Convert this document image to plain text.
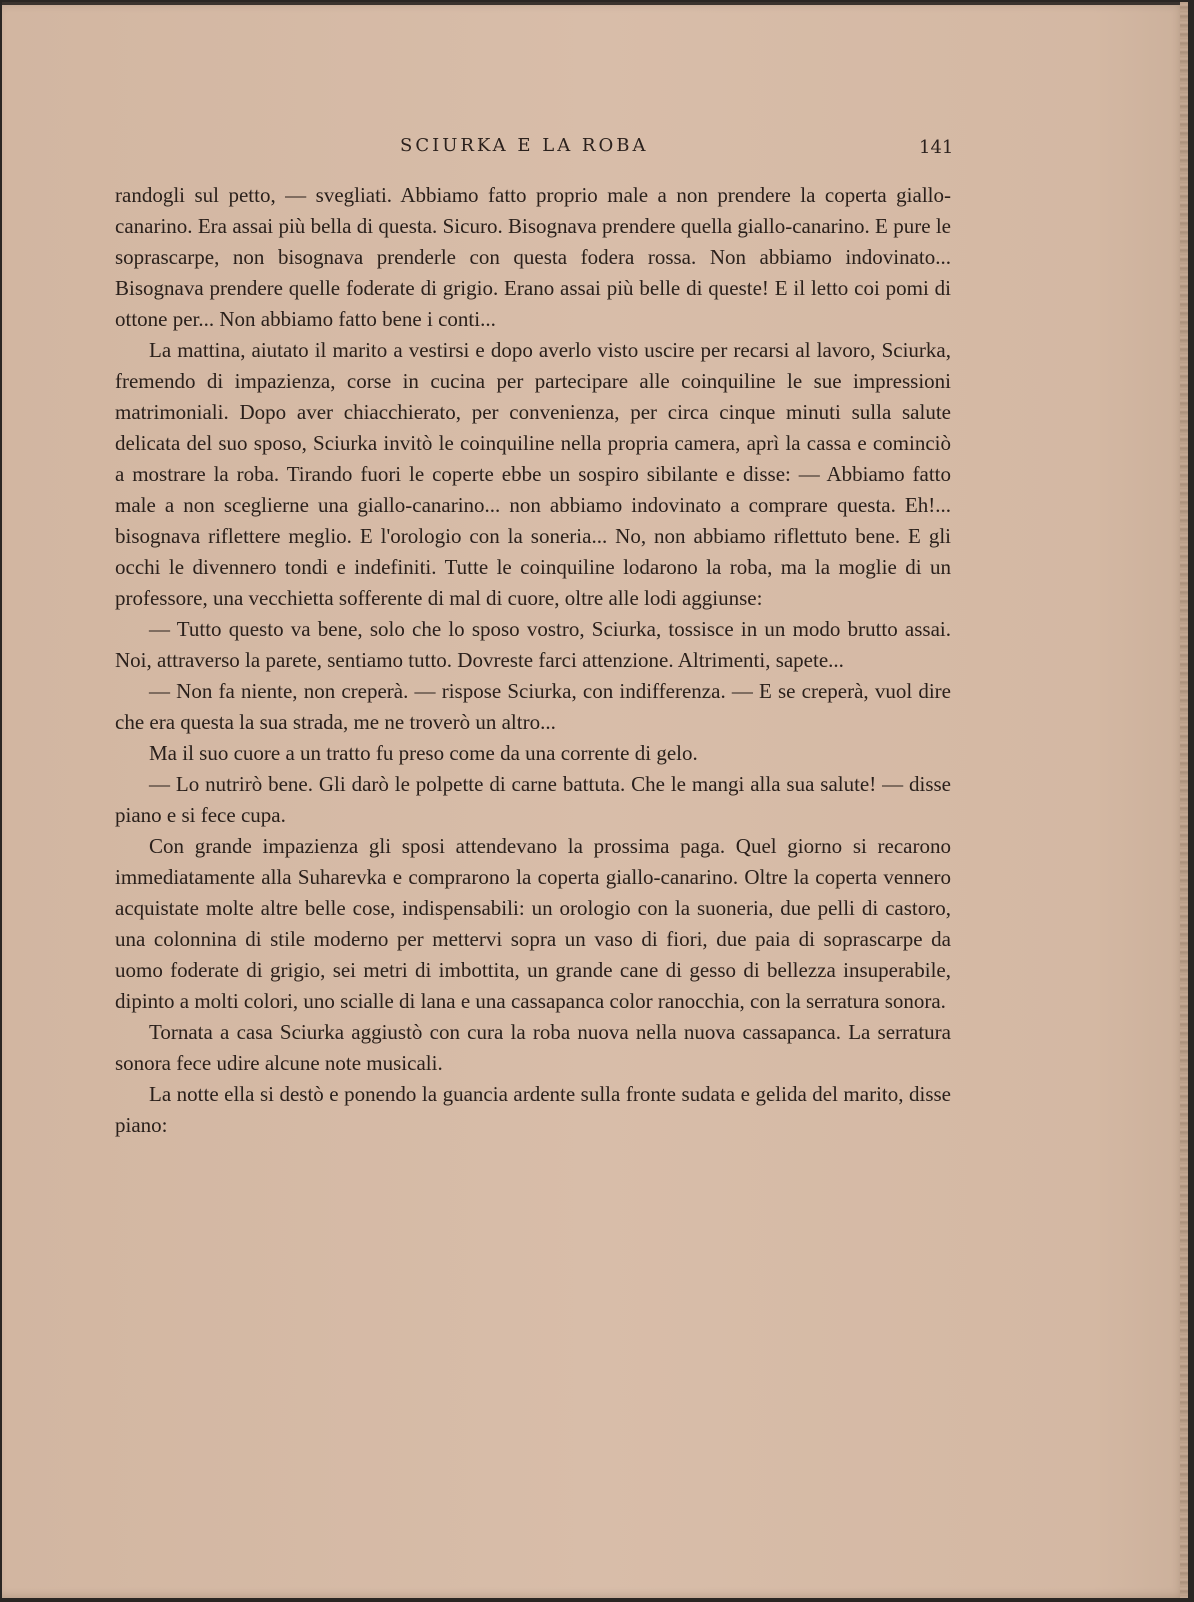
SCIURKA E LA ROBA	141

randogli sul petto, — svegliati. Abbiamo fatto proprio male a non prendere la coperta giallo-canarino. Era assai più bella di questa. Sicuro. Bisognava prendere quella giallo-canarino. E pure le soprascarpe, non bisognava prenderle con questa fodera rossa. Non abbiamo indovinato... Bisognava prendere quelle foderate di grigio. Erano assai più belle di queste! E il letto coi pomi di ottone per... Non abbiamo fatto bene i conti...

La mattina, aiutato il marito a vestirsi e dopo averlo visto uscire per recarsi al lavoro, Sciurka, fremendo di impazienza, corse in cucina per partecipare alle coinquiline le sue impressioni matrimoniali. Dopo aver chiacchierato, per convenienza, per circa cinque minuti sulla salute delicata del suo sposo, Sciurka invitò le coinquiline nella propria camera, aprì la cassa e cominciò a mostrare la roba. Tirando fuori le coperte ebbe un sospiro sibilante e disse: — Abbiamo fatto male a non sceglierne una giallo-canarino... non abbiamo indovinato a comprare questa. Eh!... bisognava riflettere meglio. E l'orologio con la soneria... No, non abbiamo riflettuto bene. E gli occhi le divennero tondi e indefiniti. Tutte le coinquiline lodarono la roba, ma la moglie di un professore, una vecchietta sofferente di mal di cuore, oltre alle lodi aggiunse:

— Tutto questo va bene, solo che lo sposo vostro, Sciurka, tossisce in un modo brutto assai. Noi, attraverso la parete, sentiamo tutto. Dovreste farci attenzione. Altrimenti, sapete...

— Non fa niente, non creperà. — rispose Sciurka, con indifferenza. — E se creperà, vuol dire che era questa la sua strada, me ne troverò un altro...

Ma il suo cuore a un tratto fu preso come da una corrente di gelo.

— Lo nutrirò bene. Gli darò le polpette di carne battuta. Che le mangi alla sua salute! — disse piano e si fece cupa.

Con grande impazienza gli sposi attendevano la prossima paga. Quel giorno si recarono immediatamente alla Suharevka e comprarono la coperta giallo-canarino. Oltre la coperta vennero acquistate molte altre belle cose, indispensabili: un orologio con la suoneria, due pelli di castoro, una colonnina di stile moderno per mettervi sopra un vaso di fiori, due paia di soprascarpe da uomo foderate di grigio, sei metri di imbottita, un grande cane di gesso di bellezza insuperabile, dipinto a molti colori, uno scialle di lana e una cassapanca color ranocchia, con la serratura sonora.

Tornata a casa Sciurka aggiustò con cura la roba nuova nella nuova cassapanca. La serratura sonora fece udire alcune note musicali.

La notte ella si destò e ponendo la guancia ardente sulla fronte sudata e gelida del marito, disse piano:
